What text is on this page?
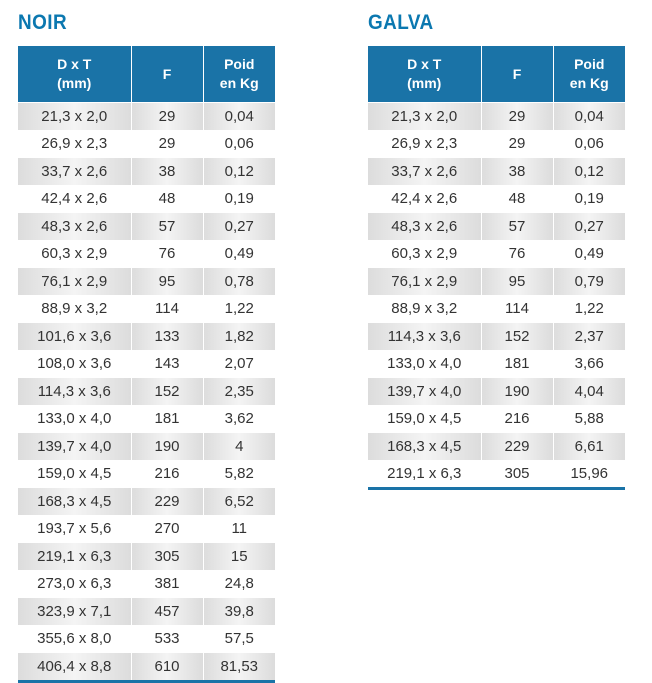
NOIR
D x T
(mm)	F	Poid
en Kg

21,3 x 2,0	29	0,04
26,9 x 2,3	29	0,06
33,7 x 2,6	38	0,12
42,4 x 2,6	48	0,19
48,3 x 2,6	57	0,27
60,3 x 2,9	76	0,49
76,1 x 2,9	95	0,78
88,9 x 3,2	114	1,22
101,6 x 3,6	133	1,82
108,0 x 3,6	143	2,07
114,3 x 3,6	152	2,35
133,0 x 4,0	181	3,62
139,7 x 4,0	190	4
159,0 x 4,5	216	5,82
168,3 x 4,5	229	6,52
193,7 x 5,6	270	11
219,1 x 6,3	305	15
273,0 x 6,3	381	24,8
323,9 x 7,1	457	39,8
355,6 x 8,0	533	57,5
406,4 x 8,8	610	81,53
GALVA
D x T
(mm)	F	Poid
en Kg

21,3 x 2,0	29	0,04
26,9 x 2,3	29	0,06
33,7 x 2,6	38	0,12
42,4 x 2,6	48	0,19
48,3 x 2,6	57	0,27
60,3 x 2,9	76	0,49
76,1 x 2,9	95	0,79
88,9 x 3,2	114	1,22
114,3 x 3,6	152	2,37
133,0 x 4,0	181	3,66
139,7 x 4,0	190	4,04
159,0 x 4,5	216	5,88
168,3 x 4,5	229	6,61
219,1 x 6,3	305	15,96
